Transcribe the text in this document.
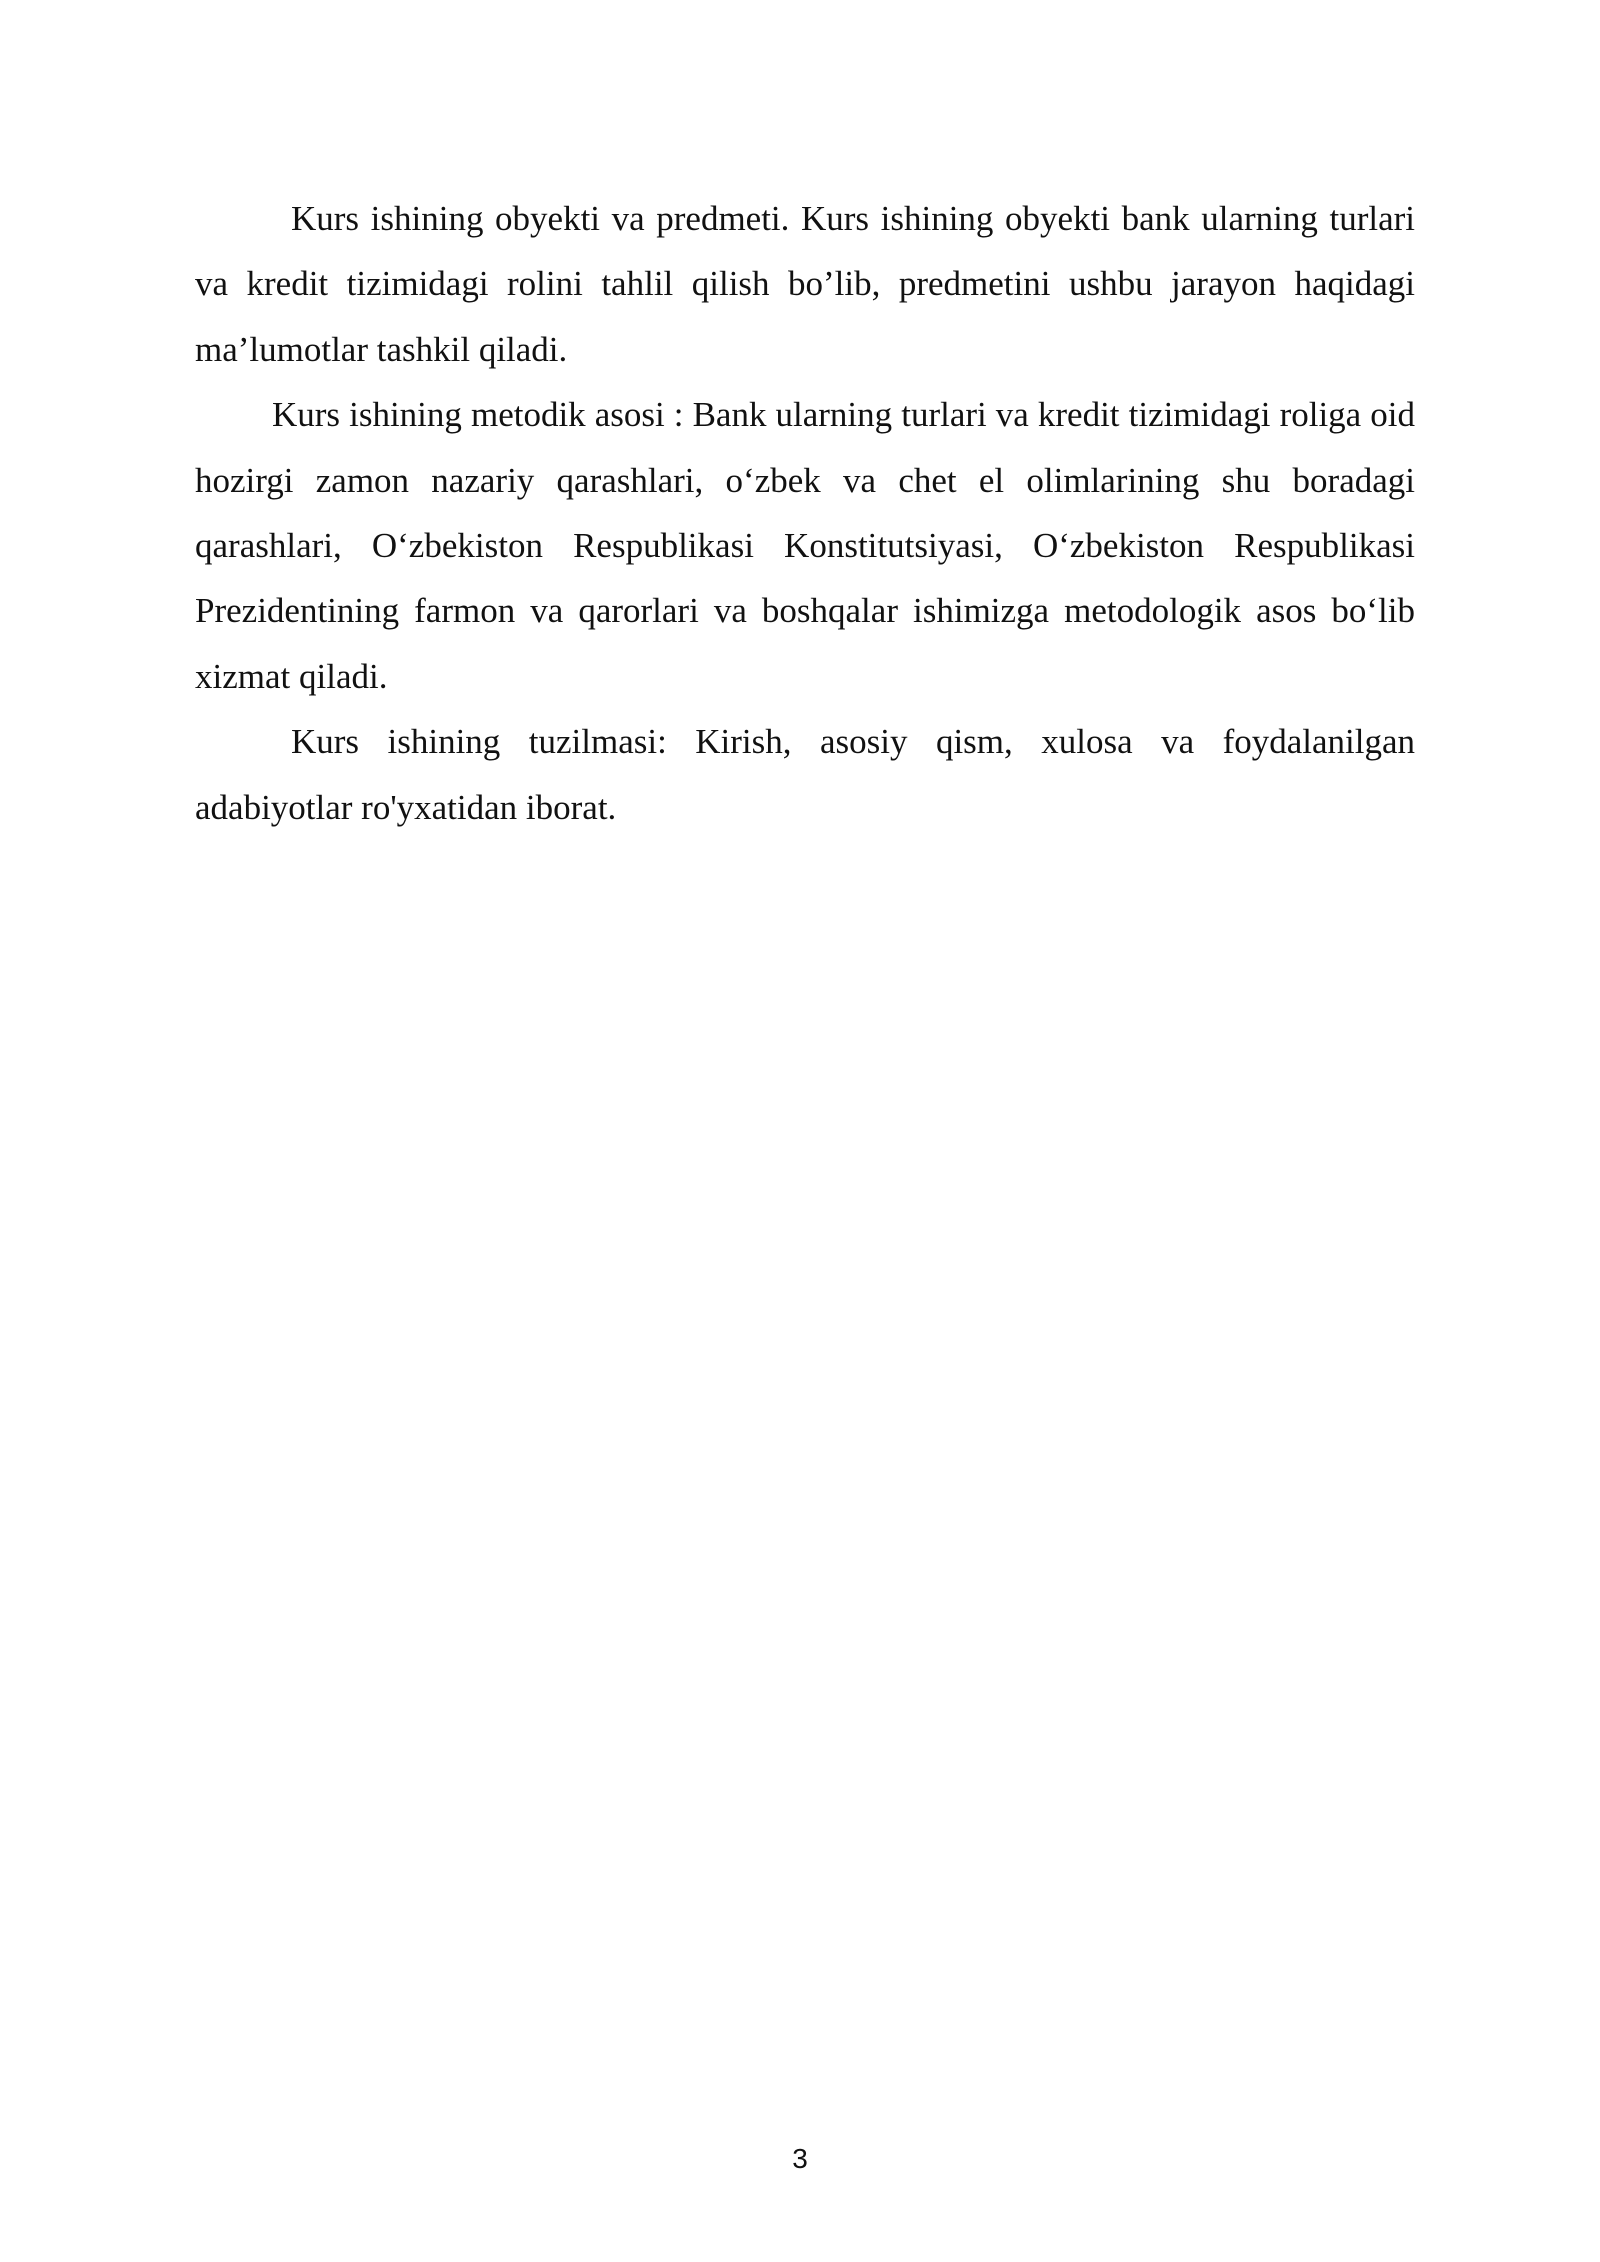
Kurs ishining obyekti va predmeti. Kurs ishining obyekti bank ularning turlari va kredit tizimidagi rolini tahlil qilish bo’lib, predmetini ushbu jarayon haqidagi ma’lumotlar tashkil qiladi.

Kurs ishining metodik asosi : Bank ularning turlari va kredit tizimidagi roliga oid hozirgi zamon nazariy qarashlari, o‘zbek va chet el olimlarining shu boradagi qarashlari, O‘zbekiston Respublikasi Konstitutsiyasi, O‘zbekiston Respublikasi Prezidentining farmon va qarorlari va boshqalar ishimizga metodologik asos bo‘lib xizmat qiladi.

Kurs ishining tuzilmasi: Kirish, asosiy qism, xulosa va foydalanilgan adabiyotlar ro'yxatidan iborat.

3
